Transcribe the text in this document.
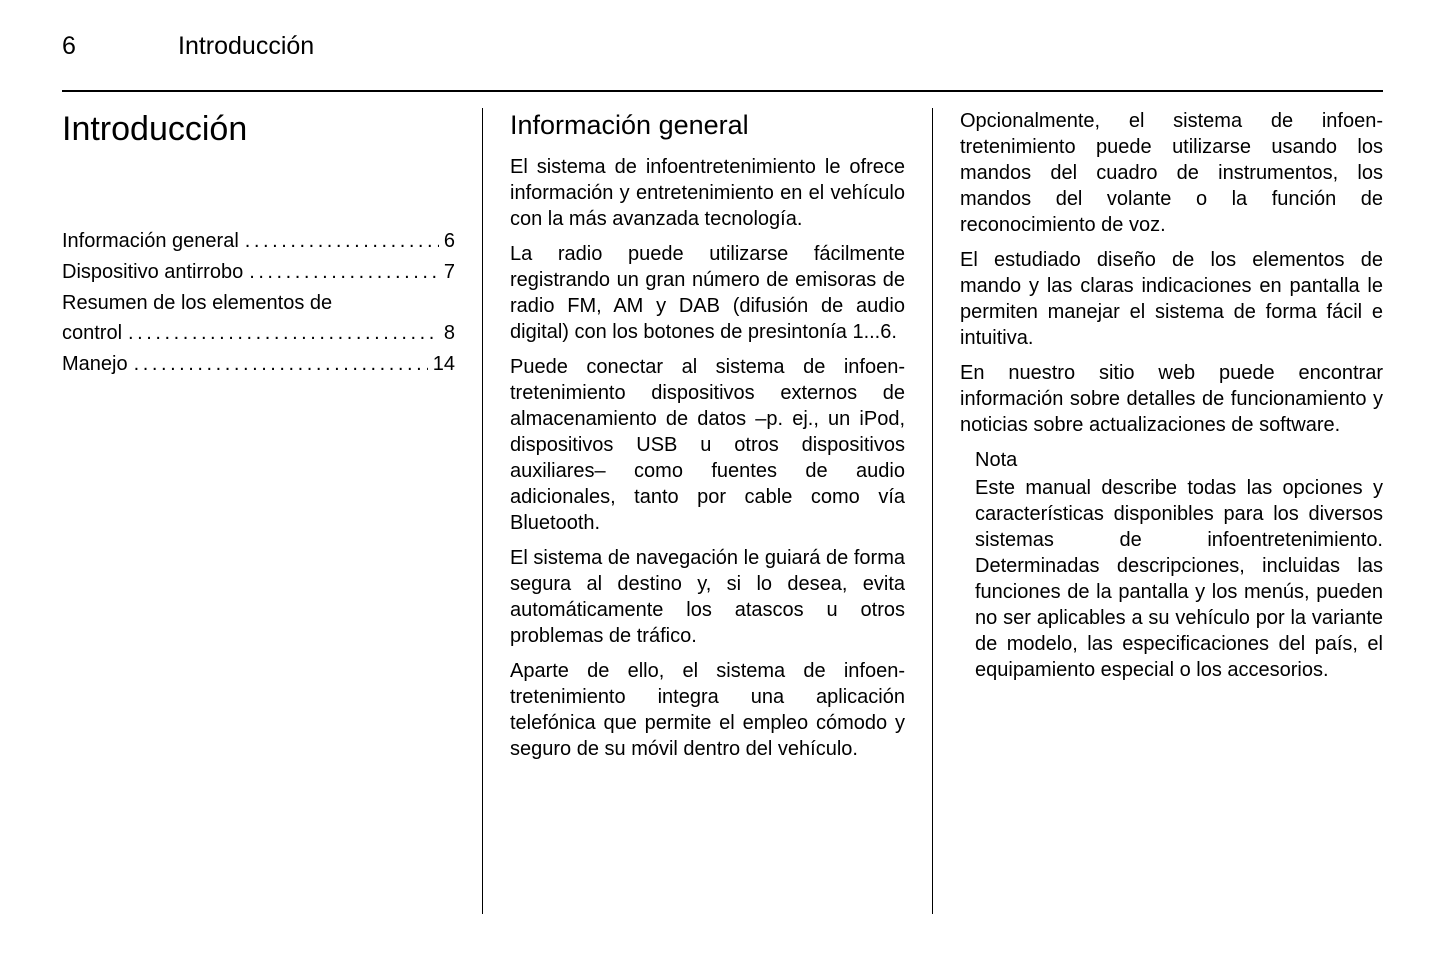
6	Introducción
Introducción
Información general . . .	6
Dispositivo antirrobo . . .	7
Resumen de los elementos de
control . . .	8
Manejo . . .	14
Información general

El sistema de infoentretenimiento le ofrece información y entretenimiento en el vehículo con la más avanzada tecnología.

La radio puede utilizarse fácilmente registrando un gran número de emisoras de radio FM, AM y DAB (difusión de audio digital) con los botones de presintonía 1...6.

Puede conectar al sistema de infoentretenimiento dispositivos externos de almacenamiento de datos –p. ej., un iPod, dispositivos USB u otros dispositivos auxiliares– como fuentes de audio adicionales, tanto por cable como vía Bluetooth.

El sistema de navegación le guiará de forma segura al destino y, si lo desea, evita automáticamente los atascos u otros problemas de tráfico.

Aparte de ello, el sistema de infoentretenimiento integra una aplicación telefónica que permite el empleo cómodo y seguro de su móvil dentro del vehículo.

Opcionalmente, el sistema de infoentretenimiento puede utilizarse usando los mandos del cuadro de instrumentos, los mandos del volante o la función de reconocimiento de voz.

El estudiado diseño de los elementos de mando y las claras indicaciones en pantalla le permiten manejar el sistema de forma fácil e intuitiva.

En nuestro sitio web puede encontrar información sobre detalles de funcionamiento y noticias sobre actualizaciones de software.

Nota

Este manual describe todas las opciones y características disponibles para los diversos sistemas de infoentretenimiento. Determinadas descripciones, incluidas las funciones de la pantalla y los menús, pueden no ser aplicables a su vehículo por la variante de modelo, las especificaciones del país, el equipamiento especial o los accesorios.
